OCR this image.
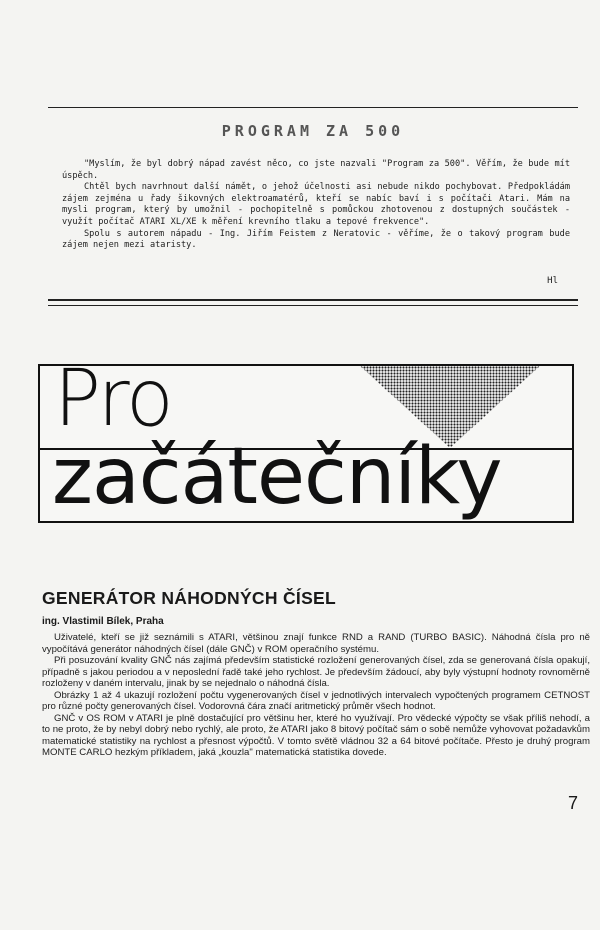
PROGRAM ZA 500

"Myslím, že byl dobrý nápad zavést něco, co jste nazvali "Program za 500". Věřím, že bude mít úspěch.

Chtěl bych navrhnout další námět, o jehož účelnosti asi nebude nikdo pochybovat. Předpokládám zájem zejména u řady šikovných elektroamatérů, kteří se nabíc baví i s počítači Atari. Mám na mysli program, který by umožnil - pochopitelně s pomůckou zhotovenou z dostupných součástek - využít počítač ATARI XL/XE k měření krevního tlaku a tepové frekvence".

Spolu s autorem nápadu - Ing. Jiřím Feistem z Neratovic - věříme, že o takový program bude zájem nejen mezi ataristy.

Hl
Pro
začátečníky
GENERÁTOR NÁHODNÝCH ČÍSEL
ing. Vlastimil Bílek, Praha

Uživatelé, kteří se již seznámili s ATARI, většinou znají funkce RND a RAND (TURBO BASIC). Náhodná čísla pro ně vypočítává generátor náhodných čísel (dále GNČ) v ROM operačního systému.

Při posuzování kvality GNČ nás zajímá především statistické rozložení generovaných čísel, zda se generovaná čísla opakují, případně s jakou periodou a v neposlední řadě také jeho rychlost. Je především žádoucí, aby byly výstupní hodnoty rovnoměrně rozloženy v daném intervalu, jinak by se nejednalo o náhodná čísla.

Obrázky 1 až 4 ukazují rozložení počtu vygenerovaných čísel v jednotlivých intervalech vypočtených programem CETNOST pro různé počty generovaných čísel. Vodorovná čára značí aritmetický průměr všech hodnot.

GNČ v OS ROM v ATARI je plně dostačující pro většinu her, které ho využívají. Pro vědecké výpočty se však příliš nehodí, a to ne proto, že by nebyl dobrý nebo rychlý, ale proto, že ATARI jako 8 bitový počítač sám o sobě nemůže vyhovovat požadavkům matematické statistiky na rychlost a přesnost výpočtů. V tomto světě vládnou 32 a 64 bitové počítače. Přesto je druhý program MONTE CARLO hezkým příkladem, jaká „kouzla" matematická statistika dovede.

7
